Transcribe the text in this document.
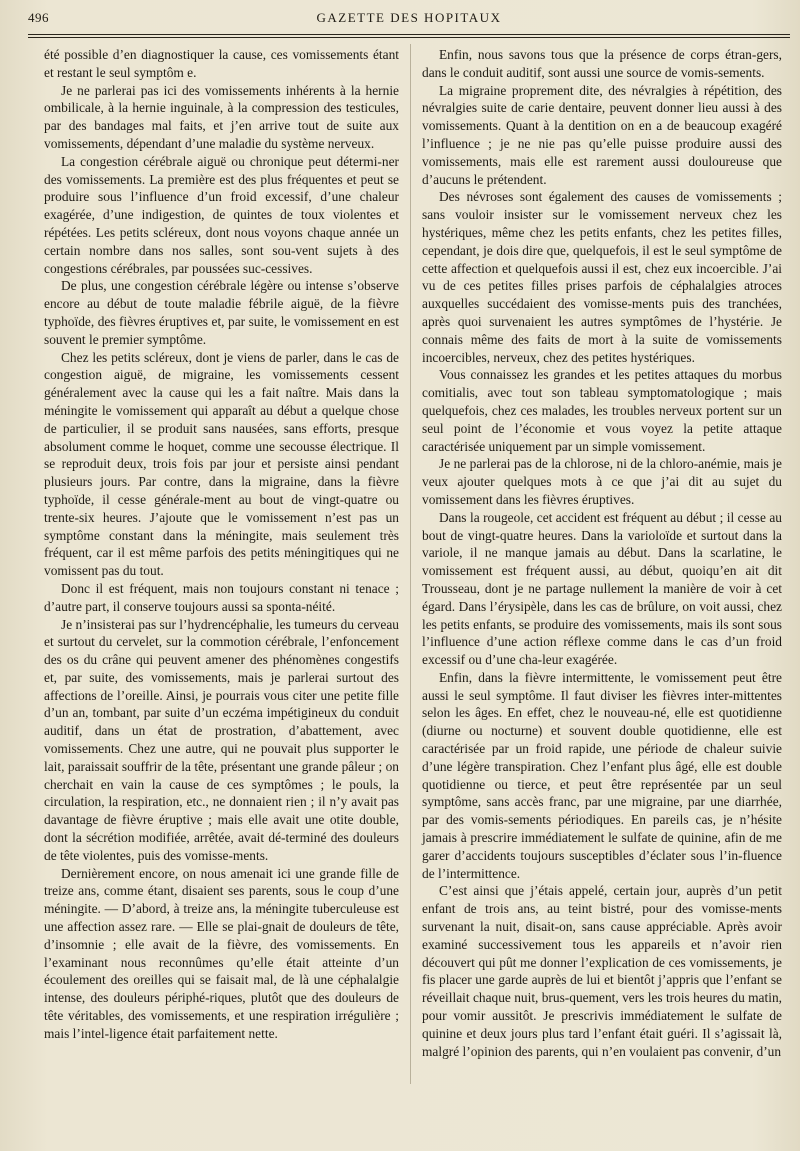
496	GAZETTE DES HOPITAUX

été possible d’en diagnostiquer la cause, ces vomissements étant et restant le seul symptôm e.

Je ne parlerai pas ici des vomissements inhérents à la hernie ombilicale, à la hernie inguinale, à la compression des testicules, par des bandages mal faits, et j’en arrive tout de suite aux vomissements, dépendant d’une maladie du système nerveux.

La congestion cérébrale aiguë ou chronique peut détermi-ner des vomissements. La première est des plus fréquentes et peut se produire sous l’influence d’un froid excessif, d’une chaleur exagérée, d’une indigestion, de quintes de toux violentes et répétées. Les petits scléreux, dont nous voyons chaque année un certain nombre dans nos salles, sont sou-vent sujets à des congestions cérébrales, par poussées suc-cessives.

De plus, une congestion cérébrale légère ou intense s’observe encore au début de toute maladie fébrile aiguë, de la fièvre typhoïde, des fièvres éruptives et, par suite, le vomissement en est souvent le premier symptôme.

Chez les petits scléreux, dont je viens de parler, dans le cas de congestion aiguë, de migraine, les vomissements cessent généralement avec la cause qui les a fait naître. Mais dans la méningite le vomissement qui apparaît au début a quelque chose de particulier, il se produit sans nausées, sans efforts, presque absolument comme le hoquet, comme une secousse électrique. Il se reproduit deux, trois fois par jour et persiste ainsi pendant plusieurs jours. Par contre, dans la migraine, dans la fièvre typhoïde, il cesse générale-ment au bout de vingt-quatre ou trente-six heures. J’ajoute que le vomissement n’est pas un symptôme constant dans la méningite, mais seulement très fréquent, car il est même parfois des petits méningitiques qui ne vomissent pas du tout.

Donc il est fréquent, mais non toujours constant ni tenace ; d’autre part, il conserve toujours aussi sa sponta-néité.

Je n’insisterai pas sur l’hydrencéphalie, les tumeurs du cerveau et surtout du cervelet, sur la commotion cérébrale, l’enfoncement des os du crâne qui peuvent amener des phénomènes congestifs et, par suite, des vomissements, mais je parlerai surtout des affections de l’oreille. Ainsi, je pourrais vous citer une petite fille d’un an, tombant, par suite d’un eczéma impétigineux du conduit auditif, dans un état de prostration, d’abattement, avec vomissements. Chez une autre, qui ne pouvait plus supporter le lait, paraissait souffrir de la tête, présentant une grande pâleur ; on cherchait en vain la cause de ces symptômes ; le pouls, la circulation, la respiration, etc., ne donnaient rien ; il n’y avait pas davantage de fièvre éruptive ; mais elle avait une otite double, dont la sécrétion modifiée, arrêtée, avait dé-terminé des douleurs de tête violentes, puis des vomisse-ments.

Dernièrement encore, on nous amenait ici une grande fille de treize ans, comme étant, disaient ses parents, sous le coup d’une méningite. — D’abord, à treize ans, la méningite tuberculeuse est une affection assez rare. — Elle se plai-gnait de douleurs de tête, d’insomnie ; elle avait de la fièvre, des vomissements. En l’examinant nous reconnûmes qu’elle était atteinte d’un écoulement des oreilles qui se faisait mal, de là une céphalalgie intense, des douleurs périphé-riques, plutôt que des douleurs de tête véritables, des vomissements, et une respiration irrégulière ; mais l’intel-ligence était parfaitement nette.

Enfin, nous savons tous que la présence de corps étran-gers, dans le conduit auditif, sont aussi une source de vomis-sements.

La migraine proprement dite, des névralgies à répétition, des névralgies suite de carie dentaire, peuvent donner lieu aussi à des vomissements. Quant à la dentition on en a de beaucoup exagéré l’influence ; je ne nie pas qu’elle puisse produire aussi des vomissements, mais elle est rarement aussi douloureuse que d’aucuns le prétendent.

Des névroses sont également des causes de vomissements ; sans vouloir insister sur le vomissement nerveux chez les hystériques, même chez les petits enfants, chez les petites filles, cependant, je dois dire que, quelquefois, il est le seul symptôme de cette affection et quelquefois aussi il est, chez eux incoercible. J’ai vu de ces petites filles prises parfois de céphalalgies atroces auxquelles succédaient des vomisse-ments puis des tranchées, après quoi survenaient les autres symptômes de l’hystérie. Je connais même des faits de mort à la suite de vomissements incoercibles, nerveux, chez des petites hystériques.

Vous connaissez les grandes et les petites attaques du morbus comitialis, avec tout son tableau symptomatologique ; mais quelquefois, chez ces malades, les troubles nerveux portent sur un seul point de l’économie et vous voyez la petite attaque caractérisée uniquement par un simple vomissement.

Je ne parlerai pas de la chlorose, ni de la chloro-anémie, mais je veux ajouter quelques mots à ce que j’ai dit au sujet du vomissement dans les fièvres éruptives.

Dans la rougeole, cet accident est fréquent au début ; il cesse au bout de vingt-quatre heures. Dans la varioloïde et surtout dans la variole, il ne manque jamais au début. Dans la scarlatine, le vomissement est fréquent aussi, au début, quoiqu’en ait dit Trousseau, dont je ne partage nullement la manière de voir à cet égard. Dans l’érysipèle, dans les cas de brûlure, on voit aussi, chez les petits enfants, se produire des vomissements, mais ils sont sous l’influence d’une action réflexe comme dans le cas d’un froid excessif ou d’une cha-leur exagérée.

Enfin, dans la fièvre intermittente, le vomissement peut être aussi le seul symptôme. Il faut diviser les fièvres inter-mittentes selon les âges. En effet, chez le nouveau-né, elle est quotidienne (diurne ou nocturne) et souvent double quotidienne, elle est caractérisée par un froid rapide, une période de chaleur suivie d’une légère transpiration. Chez l’enfant plus âgé, elle est double quotidienne ou tierce, et peut être représentée par un seul symptôme, sans accès franc, par une migraine, par une diarrhée, par des vomis-sements périodiques. En pareils cas, je n’hésite jamais à prescrire immédiatement le sulfate de quinine, afin de me garer d’accidents toujours susceptibles d’éclater sous l’in-fluence de l’intermittence.

C’est ainsi que j’étais appelé, certain jour, auprès d’un petit enfant de trois ans, au teint bistré, pour des vomisse-ments survenant la nuit, disait-on, sans cause appréciable. Après avoir examiné successivement tous les appareils et n’avoir rien découvert qui pût me donner l’explication de ces vomissements, je fis placer une garde auprès de lui et bientôt j’appris que l’enfant se réveillait chaque nuit, brus-quement, vers les trois heures du matin, pour vomir aussitôt. Je prescrivis immédiatement le sulfate de quinine et deux jours plus tard l’enfant était guéri. Il s’agissait là, malgré l’opinion des parents, qui n’en voulaient pas convenir, d’un
